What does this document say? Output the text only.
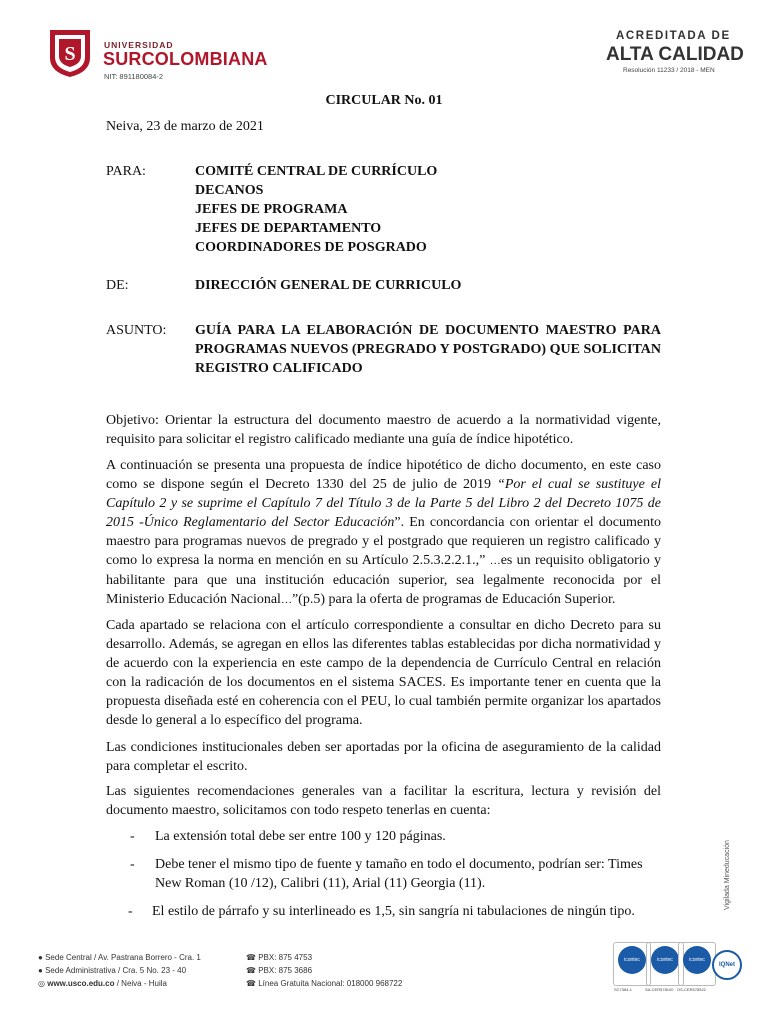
S	UNIVERSIDAD
SURCOLOMBIANA
NIT: 891180084-2
ACREDITADA DE
ALTA CALIDAD
Resolución 11233 / 2018 - MEN
CIRCULAR No. 01
Neiva, 23 de marzo de 2021
PARA:	COMITÉ CENTRAL DE CURRÍCULO
DECANOS
JEFES DE PROGRAMA
JEFES DE DEPARTAMENTO
COORDINADORES DE POSGRADO
DE:	DIRECCIÓN GENERAL DE CURRICULO
ASUNTO: GUÍA PARA LA ELABORACIÓN DE DOCUMENTO MAESTRO PARA PROGRAMAS NUEVOS (PREGRADO Y POSTGRADO) QUE SOLICITAN REGISTRO CALIFICADO
Objetivo: Orientar la estructura del documento maestro de acuerdo a la normatividad vigente, requisito para solicitar el registro calificado mediante una guía de índice hipotético.
A continuación se presenta una propuesta de índice hipotético de dicho documento, en este caso como se dispone según el Decreto 1330 del 25 de julio de 2019 “Por el cual se sustituye el Capítulo 2 y se suprime el Capítulo 7 del Título 3 de la Parte 5 del Libro 2 del Decreto 1075 de 2015 -Único Reglamentario del Sector Educación”. En concordancia con orientar el documento maestro para programas nuevos de pregrado y el postgrado que requieren un registro calificado y como lo expresa la norma en mención en su Artículo 2.5.3.2.2.1.,” …es un requisito obligatorio y habilitante para que una institución educación superior, sea legalmente reconocida por el Ministerio Educación Nacional…”(p.5) para la oferta de programas de Educación Superior.
Cada apartado se relaciona con el artículo correspondiente a consultar en dicho Decreto para su desarrollo. Además, se agregan en ellos las diferentes tablas establecidas por dicha normatividad y de acuerdo con la experiencia en este campo de la dependencia de Currículo Central en relación con la radicación de los documentos en el sistema SACES. Es importante tener en cuenta que la propuesta diseñada esté en coherencia con el PEU, lo cual también permite organizar los apartados desde lo general a lo específico del programa.
Las condiciones institucionales deben ser aportadas por la oficina de aseguramiento de la calidad para completar el escrito.
Las siguientes recomendaciones generales van a facilitar la escritura, lectura y revisión del documento maestro, solicitamos con todo respeto tenerlas en cuenta:
- La extensión total debe ser entre 100 y 120 páginas.
- Debe tener el mismo tipo de fuente y tamaño en todo el documento, podrían ser: Times New Roman (10 /12), Calibri (11), Arial (11) Georgia (11).
- El estilo de párrafo y su interlineado es 1,5, sin sangría ni tabulaciones de ningún tipo.
Vigilada Mineducación
● Sede Central / Av. Pastrana Borrero - Cra. 1
● Sede Administrativa / Cra. 5 No. 23 - 40
◎ www.usco.edu.co / Neiva - Huila
☎ PBX: 875 4753
☎ PBX: 875 3686
☎ Línea Gratuita Nacional: 018000 968722
icontec
SC7384-1
icontec
SA-CER578100
icontec
OS-CER578522
IQNet
